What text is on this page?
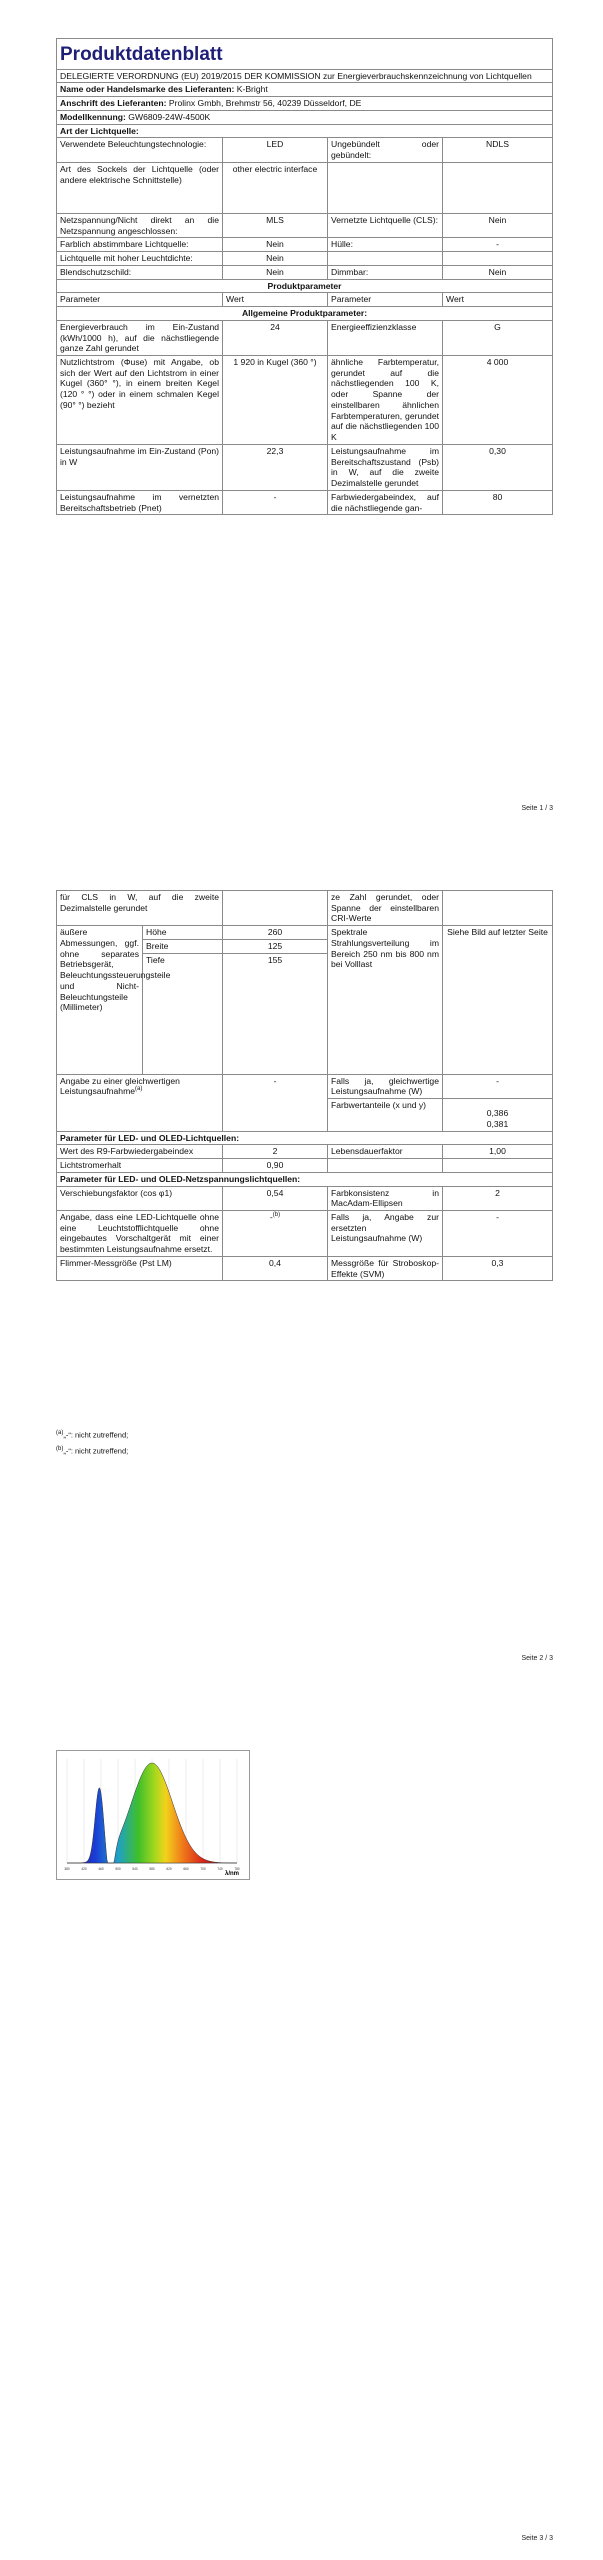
Produktdatenblatt			
DELEGIERTE VERORDNUNG (EU) 2019/2015 DER KOMMISSION zur Energieverbrauchskennzeichnung von Lichtquellen			
Name oder Handelsmarke des Lieferanten: K-Bright			
Anschrift des Lieferanten: Prolinx Gmbh, Brehmstr 56, 40239 Düsseldorf, DE			
Modellkennung: GW6809-24W-4500K			
Art der Lichtquelle:			
Verwendete Beleuchtungstechnologie:	LED	Ungebündelt oder gebündelt:	NDLS
Art des Sockels der Lichtquelle (oder andere elektrische Schnittstelle)	other electric interface		
Netzspannung/Nicht direkt an die Netzspannung angeschlossen:	MLS	Vernetzte Lichtquelle (CLS):	Nein
Farblich abstimmbare Lichtquelle:	Nein	Hülle:	-
Lichtquelle mit hoher Leuchtdichte:	Nein		
Blendschutzschild:	Nein	Dimmbar:	Nein
Produktparameter			
Parameter	Wert	Parameter	Wert
Allgemeine Produktparameter:			
Energieverbrauch im Ein-Zustand (kWh/1000 h), auf die nächstliegende ganze Zahl gerundet	24	Energieeffizienzklasse	G
Nutzlichtstrom (Φuse) mit Angabe, ob sich der Wert auf den Lichtstrom in einer Kugel (360° °), in einem breiten Kegel (120 ° °) oder in einem schmalen Kegel (90° °) bezieht	1 920 in Kugel (360 °)	ähnliche Farbtemperatur, gerundet auf die nächstliegenden 100 K, oder Spanne der einstellbaren ähnlichen Farbtemperaturen, gerundet auf die nächstliegenden 100 K	4 000
Leistungsaufnahme im Ein-Zustand (Pon) in W	22,3	Leistungsaufnahme im Bereitschaftszustand (Psb) in W, auf die zweite Dezimalstelle gerundet	0,30
Leistungsaufnahme im vernetzten Bereitschaftsbetrieb (Pnet)	-	Farbwiedergabeindex, auf die nächstliegende gan-	80
Seite 1 / 3
für CLS in W, auf die zweite Dezimalstelle gerundet			ze Zahl gerundet, oder Spanne der einstellbaren CRI-Werte	
äußere Abmessungen, ggf. ohne separates Betriebsgerät, Beleuchtungssteuerungsteile und Nicht-Beleuchtungsteile (Millimeter)	Höhe	260	Spektrale Strahlungsverteilung im Bereich 250 nm bis 800 nm bei Volllast	Siehe Bild auf letzter Seite
	Breite	125		
	Tiefe	155		
Angabe zu einer gleichwertigen Leistungsaufnahme$^{(a)}$		-	Falls ja, gleichwertige Leistungsaufnahme (W)	-
			Farbwertanteile (x und y)	0,386
0,381

Parameter für LED- und OLED-Lichtquellen:				
Wert des R9-Farbwiedergabeindex		2	Lebensdauerfaktor	1,00
Lichtstromerhalt		0,90		
Parameter für LED- und OLED-Netzspannungslichtquellen:				
Verschiebungsfaktor (cos φ1)		0,54	Farbkonsistenz in MacAdam-Ellipsen	2
Angabe, dass eine LED-Lichtquelle ohne eine Leuchtstofflichtquelle ohne eingebautes Vorschaltgerät mit einer bestimmten Leistungsaufnahme ersetzt.		-$^{(b)}$	Falls ja, Angabe zur ersetzten Leistungsaufnahme (W)	-
Flimmer-Messgröße (Pst LM)		0,4	Messgröße für Stroboskop-Effekte (SVM)	0,3
$^{(a)}$„-“: nicht zutreffend;
$^{(b)}$„-“: nicht zutreffend;
Seite 2 / 3
380	420	460	500	540	580	620	660	700	740	780
λ/nm
Seite 3 / 3
